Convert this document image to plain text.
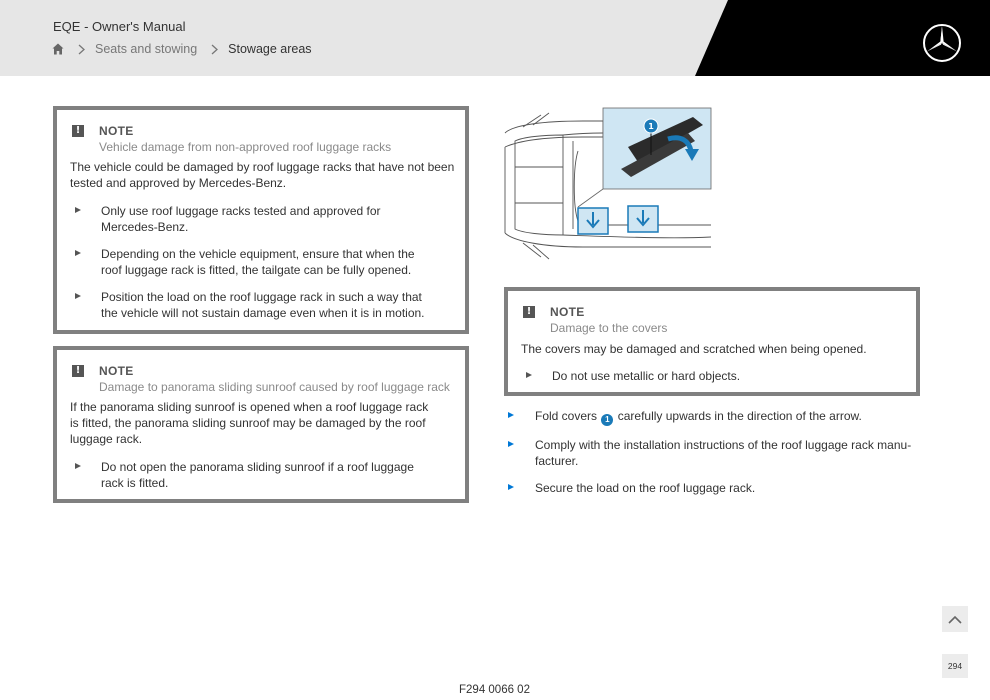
EQE - Owner's Manual
Seats and stowing Stowage areas
!	NOTE
Vehicle damage from non-approved roof luggage racks
The vehicle could be damaged by roof luggage racks that have not been tested and approved by Mercedes-Benz.
Only use roof luggage racks tested and approved for Mercedes-Benz.
Depending on the vehicle equipment, ensure that when the roof luggage rack is fitted, the tailgate can be fully opened.
Position the load on the roof luggage rack in such a way that the vehicle will not sustain damage even when it is in motion.
!	NOTE
Damage to panorama sliding sunroof caused by roof luggage rack
If the panorama sliding sunroof is opened when a roof luggage rack is fitted, the panorama sliding sunroof may be damaged by the roof luggage rack.
Do not open the panorama sliding sunroof if a roof luggage rack is fitted.
1
!	NOTE
Damage to the covers
The covers may be damaged and scratched when being opened.
Do not use metallic or hard objects.
Fold covers 1 carefully upwards in the direction of the arrow.
Comply with the installation instructions of the roof luggage rack manu-facturer.
Secure the load on the roof luggage rack.
F294 0066 02
294
